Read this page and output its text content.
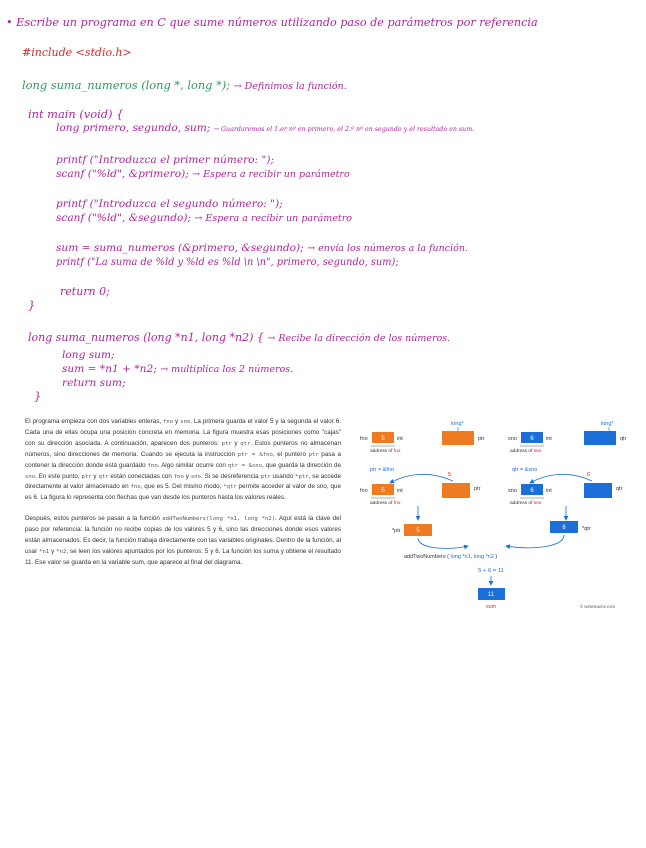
• Escribe un programa en C que sume números utilizando paso de parámetros por referencia
#include <stdio.h>
long suma_numeros (long *, long *); → Definimos la función.
int main (void) {
long primero, segundo, sum; → Guardaremos el 1.er nº en primero, el 2.º nº en segundo y el resultado en sum.
printf ("Introduzca el primer número: ");
scanf ("%ld", &primero); → Espera a recibir un parámetro
printf ("Introduzca el segundo número: ");
scanf ("%ld", &segundo); → Espera a recibir un parámetro
sum = suma_numeros (&primero, &segundo); → envía los números a la función.
printf ("La suma de %ld y %ld es %ld \n \n", primero, segundo, sum);
return 0;
}
long suma_numeros (long *n1, long *n2) { → Recibe la dirección de los números.
long sum;
sum = *n1 + *n2; → multiplica los 2 números.
return sum;
}

El programa empieza con dos variables enteras, fno y sno. La primera guarda el valor 5 y la segunda el valor 6. Cada una de ellas ocupa una posición concreta en memoria. La figura muestra esas posiciones como "cajas" con su dirección asociada. A continuación, aparecen dos punteros: ptr y qtr. Estos punteros no almacenan números, sino direcciones de memoria. Cuando se ejecuta la instrucción ptr = &fno, el puntero ptr pasa a contener la dirección donde está guardado fno. Algo similar ocurre con qtr = &sno, que guarda la dirección de sno. En este punto, ptr y qtr están conectadas con fno y sno. Si se desreferencia ptr usando *ptr, se accede directamente al valor almacenado en fno, que es 5. Del mismo modo, *qtr permite acceder al valor de sno, que es 6. La figura lo representa con flechas que van desde los punteros hasta los valores reales.

Después, estos punteros se pasan a la función addTwoNumbers(long *n1, long *n2). Aquí está la clave del paso por referencia: la función no recibe copias de los valores 5 y 6, sino las direcciones donde esos valores están almacenados. Es decir, la función trabaja directamente con las variables originales. Dentro de la función, al usar *n1 y *n2, se leen los valores apuntados por los punteros: 5 y 6. La función los suma y obtiene el resultado 11. Ese valor se guarda en la variable sum, que aparece al final del diagrama.

long*	long*
fno 5 int	ptr
address of fno
sno 6 int	qtr
address of sno
ptr = &fno	qtr = &sno
5	6
fno 5 int	ptr
address of fno
sno 6 int	qtr
address of sno
*ptr	5	6	*qtr
addTwoNumbers ( long *n1, long *n2 )
5 + 6 = 11
11
sum	© w3resource.com
